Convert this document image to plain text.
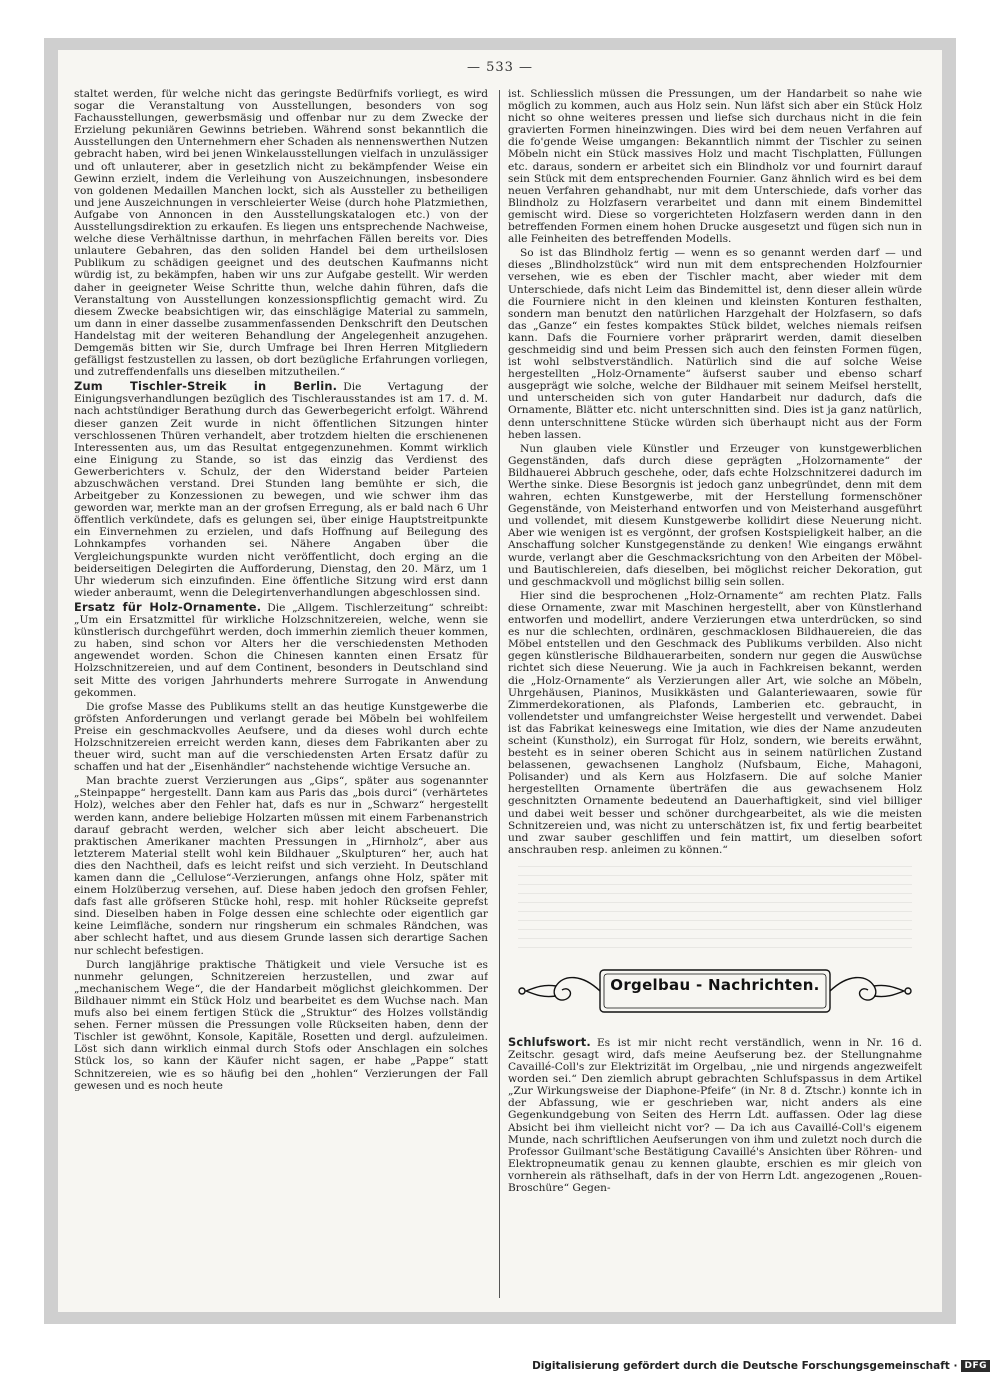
— 533 —

staltet werden, für welche nicht das geringste Bedürfnifs vorliegt, es wird sogar die Veranstaltung von Ausstellungen, besonders von sog Fachausstellungen, gewerbsmäsig und offenbar nur zu dem Zwecke der Erzielung pekuniären Gewinns betrieben. Während sonst bekanntlich die Ausstellungen den Unternehmern eher Schaden als nennenswerthen Nutzen gebracht haben, wird bei jenen Winkelausstellungen vielfach in unzulässiger und oft unlauterer, aber in gesetzlich nicht zu bekämpfender Weise ein Gewinn erzielt, indem die Verleihung von Auszeichnungen, insbesondere von goldenen Medaillen Manchen lockt, sich als Aussteller zu betheiligen und jene Auszeichnungen in verschleierter Weise (durch hohe Platzmiethen, Aufgabe von Annoncen in den Ausstellungskatalogen etc.) von der Ausstellungsdirektion zu erkaufen. Es liegen uns entsprechende Nachweise, welche diese Verhältnisse darthun, in mehrfachen Fällen bereits vor. Dies unlautere Gebahren, das den soliden Handel bei dem urtheilslosen Publikum zu schädigen geeignet und des deutschen Kaufmanns nicht würdig ist, zu bekämpfen, haben wir uns zur Aufgabe gestellt. Wir werden daher in geeigneter Weise Schritte thun, welche dahin führen, dafs die Veranstaltung von Ausstellungen konzessionspflichtig gemacht wird. Zu diesem Zwecke beabsichtigen wir, das einschlägige Material zu sammeln, um dann in einer dasselbe zusammenfassenden Denkschrift den Deutschen Handelstag mit der weiteren Behandlung der Angelegenheit anzugehen. Demgemäs bitten wir Sie, durch Umfrage bei Ihren Herren Mitgliedern gefälligst festzustellen zu lassen, ob dort bezügliche Erfahrungen vorliegen, und zutreffendenfalls uns dieselben mitzutheilen.“

Zum Tischler-Streik in Berlin. Die Vertagung der Einigungsverhandlungen bezüglich des Tischlerausstandes ist am 17. d. M. nach achtstündiger Berathung durch das Gewerbegericht erfolgt. Während dieser ganzen Zeit wurde in nicht öffentlichen Sitzungen hinter verschlossenen Thüren verhandelt, aber trotzdem hielten die erschienenen Interessenten aus, um das Resultat entgegenzunehmen. Kommt wirklich eine Einigung zu Stande, so ist das einzig das Verdienst des Gewerberichters v. Schulz, der den Widerstand beider Parteien abzuschwächen verstand. Drei Stunden lang bemühte er sich, die Arbeitgeber zu Konzessionen zu bewegen, und wie schwer ihm das geworden war, merkte man an der grofsen Erregung, als er bald nach 6 Uhr öffentlich verkündete, dafs es gelungen sei, über einige Hauptstreitpunkte ein Einvernehmen zu erzielen, und dafs Hoffnung auf Beilegung des Lohnkampfes vorhanden sei. Nähere Angaben über die Vergleichungspunkte wurden nicht veröffentlicht, doch erging an die beiderseitigen Delegirten die Aufforderung, Dienstag, den 20. März, um 1 Uhr wiederum sich einzufinden. Eine öffentliche Sitzung wird erst dann wieder anberaumt, wenn die Delegirtenverhandlungen abgeschlossen sind.

Ersatz für Holz-Ornamente. Die „Allgem. Tischlerzeitung“ schreibt: „Um ein Ersatzmittel für wirkliche Holzschnitzereien, welche, wenn sie künstlerisch durchgeführt werden, doch immerhin ziemlich theuer kommen, zu haben, sind schon vor Alters her die verschiedensten Methoden angewendet worden. Schon die Chinesen kannten einen Ersatz für Holzschnitzereien, und auf dem Continent, besonders in Deutschland sind seit Mitte des vorigen Jahrhunderts mehrere Surrogate in Anwendung gekommen.

Die grofse Masse des Publikums stellt an das heutige Kunstgewerbe die gröfsten Anforderungen und verlangt gerade bei Möbeln bei wohlfeilem Preise ein geschmackvolles Aeufsere, und da dieses wohl durch echte Holzschnitzereien erreicht werden kann, dieses dem Fabrikanten aber zu theuer wird, sucht man auf die verschiedensten Arten Ersatz dafür zu schaffen und hat der „Eisenhändler“ nachstehende wichtige Versuche an.

Man brachte zuerst Verzierungen aus „Gips“, später aus sogenannter „Steinpappe“ hergestellt. Dann kam aus Paris das „bois durci“ (verhärtetes Holz), welches aber den Fehler hat, dafs es nur in „Schwarz“ hergestellt werden kann, andere beliebige Holzarten müssen mit einem Farbenanstrich darauf gebracht werden, welcher sich aber leicht abscheuert. Die praktischen Amerikaner machten Pressungen in „Hirnholz“, aber aus letzterem Material stellt wohl kein Bildhauer „Skulpturen“ her, auch hat dies den Nachtheil, dafs es leicht reifst und sich verzieht. In Deutschland kamen dann die „Cellulose“-Verzierungen, anfangs ohne Holz, später mit einem Holzüberzug versehen, auf. Diese haben jedoch den grofsen Fehler, dafs fast alle gröfseren Stücke hohl, resp. mit hohler Rückseite geprefst sind. Dieselben haben in Folge dessen eine schlechte oder eigentlich gar keine Leimfläche, sondern nur ringsherum ein schmales Rändchen, was aber schlecht haftet, und aus diesem Grunde lassen sich derartige Sachen nur schlecht befestigen.

Durch langjährige praktische Thätigkeit und viele Versuche ist es nunmehr gelungen, Schnitzereien herzustellen, und zwar auf „mechanischem Wege“, die der Handarbeit möglichst gleichkommen. Der Bildhauer nimmt ein Stück Holz und bearbeitet es dem Wuchse nach. Man mufs also bei einem fertigen Stück die „Struktur“ des Holzes vollständig sehen. Ferner müssen die Pressungen volle Rückseiten haben, denn der Tischler ist gewöhnt, Konsole, Kapitäle, Rosetten und dergl. aufzuleimen. Löst sich dann wirklich einmal durch Stofs oder Anschlagen ein solches Stück los, so kann der Käufer nicht sagen, er habe „Pappe“ statt Schnitzereien, wie es so häufig bei den „hohlen“ Verzierungen der Fall gewesen und es noch heute

ist. Schliesslich müssen die Pressungen, um der Handarbeit so nahe wie möglich zu kommen, auch aus Holz sein. Nun läfst sich aber ein Stück Holz nicht so ohne weiteres pressen und liefse sich durchaus nicht in die fein gravierten Formen hineinzwingen. Dies wird bei dem neuen Verfahren auf die fo'gende Weise umgangen: Bekanntlich nimmt der Tischler zu seinen Möbeln nicht ein Stück massives Holz und macht Tischplatten, Füllungen etc. daraus, sondern er arbeitet sich ein Blindholz vor und fournirt darauf sein Stück mit dem entsprechenden Fournier. Ganz ähnlich wird es bei dem neuen Verfahren gehandhabt, nur mit dem Unterschiede, dafs vorher das Blindholz zu Holzfasern verarbeitet und dann mit einem Bindemittel gemischt wird. Diese so vorgerichteten Holzfasern werden dann in den betreffenden Formen einem hohen Drucke ausgesetzt und fügen sich nun in alle Feinheiten des betreffenden Modells.

So ist das Blindholz fertig — wenn es so genannt werden darf — und dieses „Blindholzstück“ wird nun mit dem entsprechenden Holzfournier versehen, wie es eben der Tischler macht, aber wieder mit dem Unterschiede, dafs nicht Leim das Bindemittel ist, denn dieser allein würde die Fourniere nicht in den kleinen und kleinsten Konturen festhalten, sondern man benutzt den natürlichen Harzgehalt der Holzfasern, so dafs das „Ganze“ ein festes kompaktes Stück bildet, welches niemals reifsen kann. Dafs die Fourniere vorher präprarirt werden, damit dieselben geschmeidig sind und beim Pressen sich auch den feinsten Formen fügen, ist wohl selbstverständlich. Natürlich sind die auf solche Weise hergestellten „Holz-Ornamente“ äufserst sauber und ebenso scharf ausgeprägt wie solche, welche der Bildhauer mit seinem Meifsel herstellt, und unterscheiden sich von guter Handarbeit nur dadurch, dafs die Ornamente, Blätter etc. nicht unterschnitten sind. Dies ist ja ganz natürlich, denn unterschnittene Stücke würden sich überhaupt nicht aus der Form heben lassen.

Nun glauben viele Künstler und Erzeuger von kunstgewerblichen Gegenständen, dafs durch diese geprägten „Holzornamente“ der Bildhauerei Abbruch geschehe, oder, dafs echte Holzschnitzerei dadurch im Werthe sinke. Diese Besorgnis ist jedoch ganz unbegründet, denn mit dem wahren, echten Kunstgewerbe, mit der Herstellung formenschöner Gegenstände, von Meisterhand entworfen und von Meisterhand ausgeführt und vollendet, mit diesem Kunstgewerbe kollidirt diese Neuerung nicht. Aber wie wenigen ist es vergönnt, der grofsen Kostspieligkeit halber, an die Anschaffung solcher Kunstgegenstände zu denken! Wie eingangs erwähnt wurde, verlangt aber die Geschmacksrichtung von den Arbeiten der Möbel- und Bautischlereien, dafs dieselben, bei möglichst reicher Dekoration, gut und geschmackvoll und möglichst billig sein sollen.

Hier sind die besprochenen „Holz-Ornamente“ am rechten Platz. Falls diese Ornamente, zwar mit Maschinen hergestellt, aber von Künstlerhand entworfen und modellirt, andere Verzierungen etwa unterdrücken, so sind es nur die schlechten, ordinären, geschmacklosen Bildhauereien, die das Möbel entstellen und den Geschmack des Publikums verbilden. Also nicht gegen künstlerische Bildhauerarbeiten, sondern nur gegen die Auswüchse richtet sich diese Neuerung. Wie ja auch in Fachkreisen bekannt, werden die „Holz-Ornamente“ als Verzierungen aller Art, wie solche an Möbeln, Uhrgehäusen, Pianinos, Musikkästen und Galanteriewaaren, sowie für Zimmerdekorationen, als Plafonds, Lamberien etc. gebraucht, in vollendetster und umfangreichster Weise hergestellt und verwendet. Dabei ist das Fabrikat keineswegs eine Imitation, wie dies der Name anzudeuten scheint (Kunstholz), ein Surrogat für Holz, sondern, wie bereits erwähnt, besteht es in seiner oberen Schicht aus in seinem natürlichen Zustand belassenen, gewachsenen Langholz (Nufsbaum, Eiche, Mahagoni, Polisander) und als Kern aus Holzfasern. Die auf solche Manier hergestellten Ornamente überträfen die aus gewachsenem Holz geschnitzten Ornamente bedeutend an Dauerhaftigkeit, sind viel billiger und dabei weit besser und schöner durchgearbeitet, als wie die meisten Schnitzereien und, was nicht zu unterschätzen ist, fix und fertig bearbeitet und zwar sauber geschliffen und fein mattirt, um dieselben sofort anschrauben resp. anleimen zu können.“

Orgelbau - Nachrichten.

Schlufswort. Es ist mir nicht recht verständlich, wenn in Nr. 16 d. Zeitschr. gesagt wird, dafs meine Aeufserung bez. der Stellungnahme Cavaillé-Coll's zur Elektrizität im Orgelbau, „nie und nirgends angezweifelt worden sei.“ Den ziemlich abrupt gebrachten Schlufspassus in dem Artikel „Zur Wirkungsweise der Diaphone-Pfeife“ (in Nr. 8 d. Ztschr.) konnte ich in der Abfassung, wie er geschrieben war, nicht anders als eine Gegenkundgebung von Seiten des Herrn Ldt. auffassen. Oder lag diese Absicht bei ihm vielleicht nicht vor? — Da ich aus Cavaillé-Coll's eigenem Munde, nach schriftlichen Aeufserungen von ihm und zuletzt noch durch die Professor Guilmant'sche Bestätigung Cavaillé's Ansichten über Röhren- und Elektropneumatik genau zu kennen glaubte, erschien es mir gleich von vornherein als räthselhaft, dafs in der von Herrn Ldt. angezogenen „Rouen-Broschüre“ Gegen-

Digitalisierung gefördert durch die Deutsche Forschungsgemeinschaft · DFG
